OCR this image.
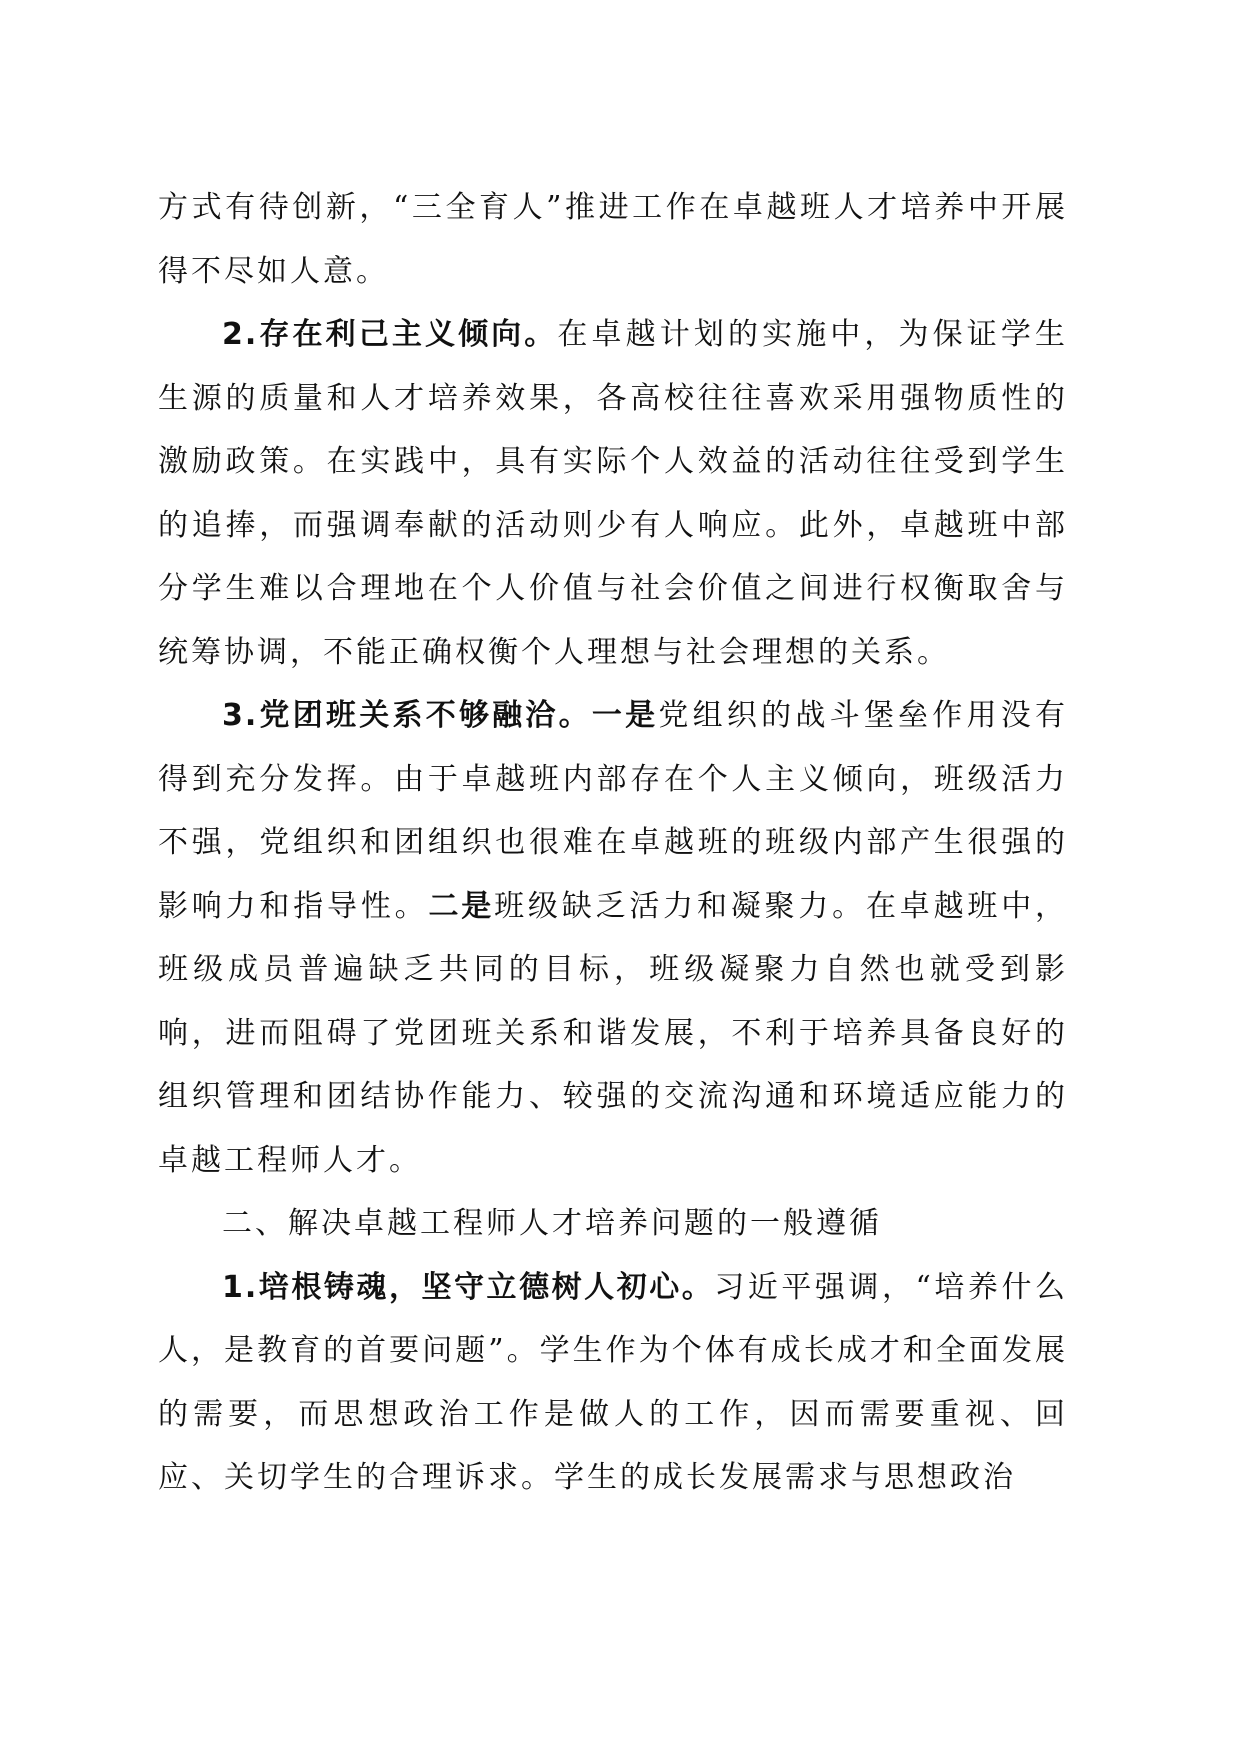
方式有待创新，“三全育人”推进工作在卓越班人才培养中开展得不尽如人意。

2.存在利己主义倾向。在卓越计划的实施中，为保证学生生源的质量和人才培养效果，各高校往往喜欢采用强物质性的激励政策。在实践中，具有实际个人效益的活动往往受到学生的追捧，而强调奉献的活动则少有人响应。此外，卓越班中部分学生难以合理地在个人价值与社会价值之间进行权衡取舍与统筹协调，不能正确权衡个人理想与社会理想的关系。

3.党团班关系不够融洽。一是党组织的战斗堡垒作用没有得到充分发挥。由于卓越班内部存在个人主义倾向，班级活力不强，党组织和团组织也很难在卓越班的班级内部产生很强的影响力和指导性。二是班级缺乏活力和凝聚力。在卓越班中，班级成员普遍缺乏共同的目标，班级凝聚力自然也就受到影响，进而阻碍了党团班关系和谐发展，不利于培养具备良好的组织管理和团结协作能力、较强的交流沟通和环境适应能力的卓越工程师人才。

二、解决卓越工程师人才培养问题的一般遵循

1.培根铸魂，坚守立德树人初心。习近平强调，“培养什么人，是教育的首要问题”。学生作为个体有成长成才和全面发展的需要，而思想政治工作是做人的工作，因而需要重视、回应、关切学生的合理诉求。学生的成长发展需求与思想政治
